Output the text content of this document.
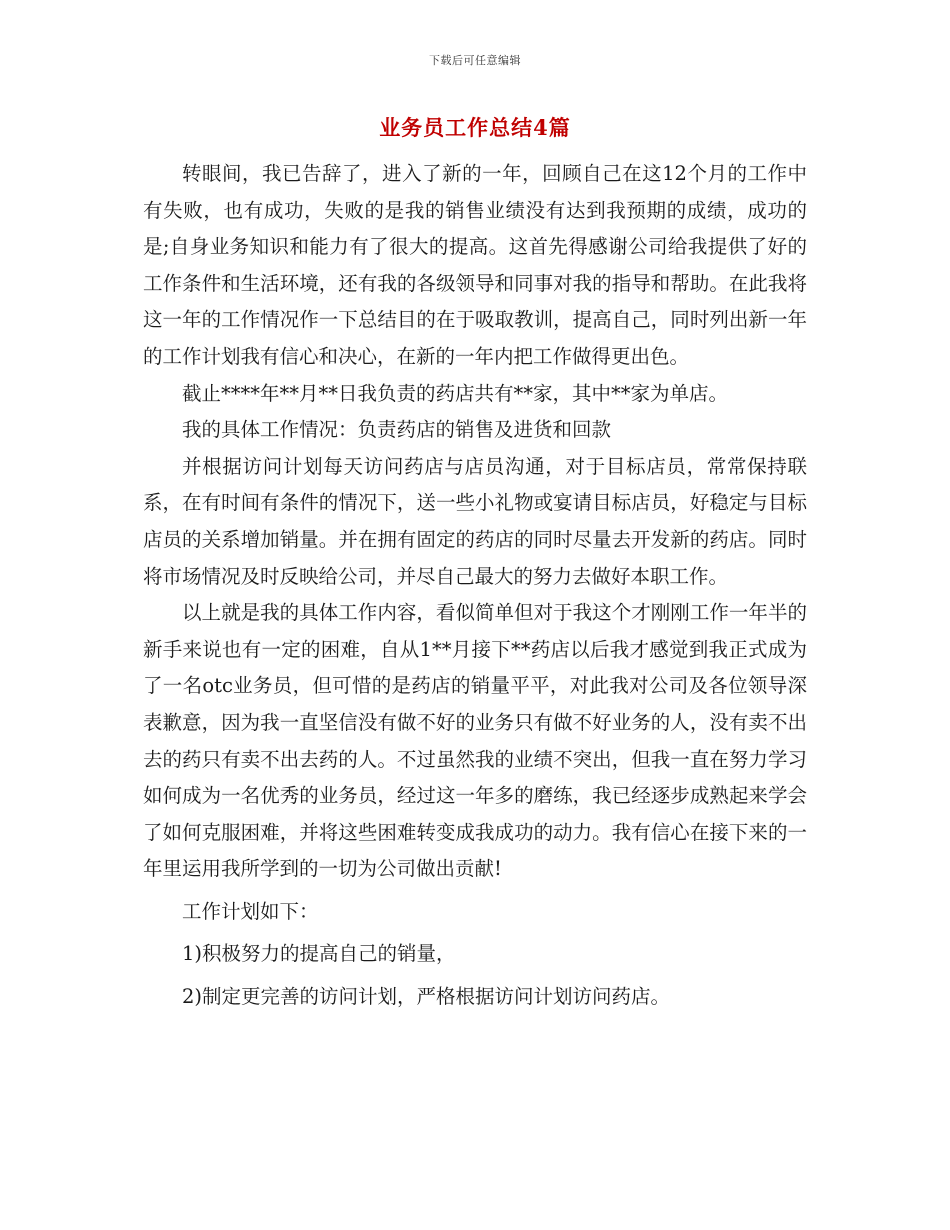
下载后可任意编辑
业务员工作总结4篇

转眼间，我已告辞了，进入了新的一年，回顾自己在这12个月的工作中有失败，也有成功，失败的是我的销售业绩没有达到我预期的成绩，成功的是;自身业务知识和能力有了很大的提高。这首先得感谢公司给我提供了好的工作条件和生活环境，还有我的各级领导和同事对我的指导和帮助。在此我将这一年的工作情况作一下总结目的在于吸取教训，提高自己，同时列出新一年的工作计划我有信心和决心，在新的一年内把工作做得更出色。

截止****年**月**日我负责的药店共有**家，其中**家为单店。

我的具体工作情况：负责药店的销售及进货和回款

并根据访问计划每天访问药店与店员沟通，对于目标店员，常常保持联系，在有时间有条件的情况下，送一些小礼物或宴请目标店员，好稳定与目标店员的关系增加销量。并在拥有固定的药店的同时尽量去开发新的药店。同时将市场情况及时反映给公司，并尽自己最大的努力去做好本职工作。

以上就是我的具体工作内容，看似简单但对于我这个才刚刚工作一年半的新手来说也有一定的困难，自从1**月接下**药店以后我才感觉到我正式成为了一名otc业务员，但可惜的是药店的销量平平，对此我对公司及各位领导深表歉意，因为我一直坚信没有做不好的业务只有做不好业务的人，没有卖不出去的药只有卖不出去药的人。不过虽然我的业绩不突出，但我一直在努力学习如何成为一名优秀的业务员，经过这一年多的磨练，我已经逐步成熟起来学会了如何克服困难，并将这些困难转变成我成功的动力。我有信心在接下来的一年里运用我所学到的一切为公司做出贡献!

工作计划如下：

1)积极努力的提高自己的销量，

2)制定更完善的访问计划，严格根据访问计划访问药店。
